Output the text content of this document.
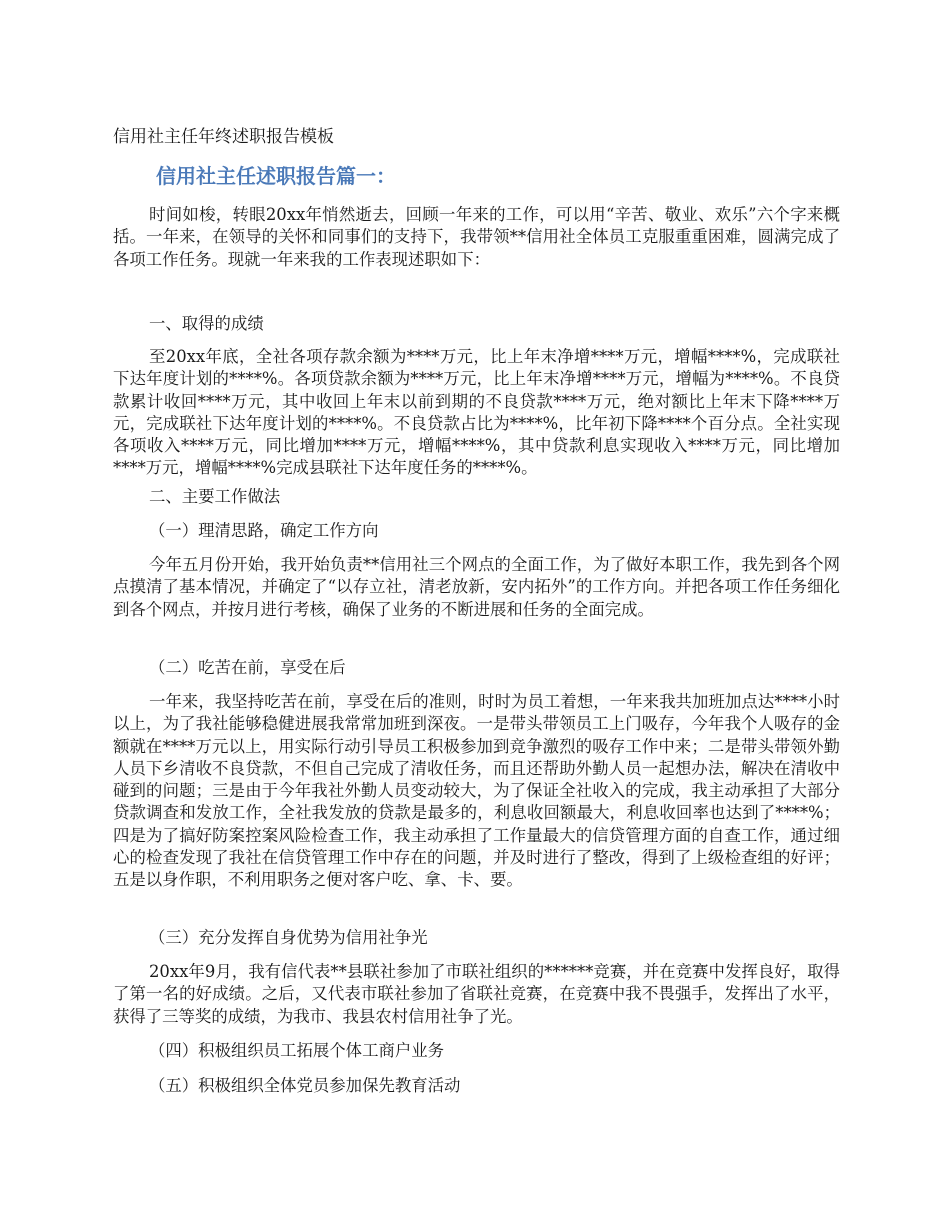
信用社主任年终述职报告模板
信用社主任述职报告篇一：

时间如梭，转眼20xx年悄然逝去，回顾一年来的工作，可以用“辛苦、敬业、欢乐”六个字来概括。一年来，在领导的关怀和同事们的支持下，我带领**信用社全体员工克服重重困难，圆满完成了各项工作任务。现就一年来我的工作表现述职如下：

一、取得的成绩

至20xx年底，全社各项存款余额为****万元，比上年末净增****万元，增幅****%，完成联社下达年度计划的****%。各项贷款余额为****万元，比上年末净增****万元，增幅为****%。不良贷款累计收回****万元，其中收回上年末以前到期的不良贷款****万元，绝对额比上年末下降****万元，完成联社下达年度计划的****%。不良贷款占比为****%，比年初下降****个百分点。全社实现各项收入****万元，同比增加****万元，增幅****%，其中贷款利息实现收入****万元，同比增加****万元，增幅****%完成县联社下达年度任务的****%。

二、主要工作做法
（一）理清思路，确定工作方向

今年五月份开始，我开始负责**信用社三个网点的全面工作，为了做好本职工作，我先到各个网点摸清了基本情况，并确定了“以存立社，清老放新，安内拓外”的工作方向。并把各项工作任务细化到各个网点，并按月进行考核，确保了业务的不断进展和任务的全面完成。

（二）吃苦在前，享受在后

一年来，我坚持吃苦在前，享受在后的准则，时时为员工着想，一年来我共加班加点达****小时以上，为了我社能够稳健进展我常常加班到深夜。一是带头带领员工上门吸存，今年我个人吸存的金额就在****万元以上，用实际行动引导员工积极参加到竞争激烈的吸存工作中来；二是带头带领外勤人员下乡清收不良贷款，不但自己完成了清收任务，而且还帮助外勤人员一起想办法，解决在清收中碰到的问题；三是由于今年我社外勤人员变动较大，为了保证全社收入的完成，我主动承担了大部分贷款调查和发放工作，全社我发放的贷款是最多的，利息收回额最大，利息收回率也达到了****%；四是为了搞好防案控案风险检查工作，我主动承担了工作量最大的信贷管理方面的自查工作，通过细心的检查发现了我社在信贷管理工作中存在的问题，并及时进行了整改，得到了上级检查组的好评；五是以身作职，不利用职务之便对客户吃、拿、卡、要。

（三）充分发挥自身优势为信用社争光

20xx年9月，我有信代表**县联社参加了市联社组织的******竞赛，并在竞赛中发挥良好，取得了第一名的好成绩。之后，又代表市联社参加了省联社竞赛，在竞赛中我不畏强手，发挥出了水平，获得了三等奖的成绩，为我市、我县农村信用社争了光。

（四）积极组织员工拓展个体工商户业务
（五）积极组织全体党员参加保先教育活动
